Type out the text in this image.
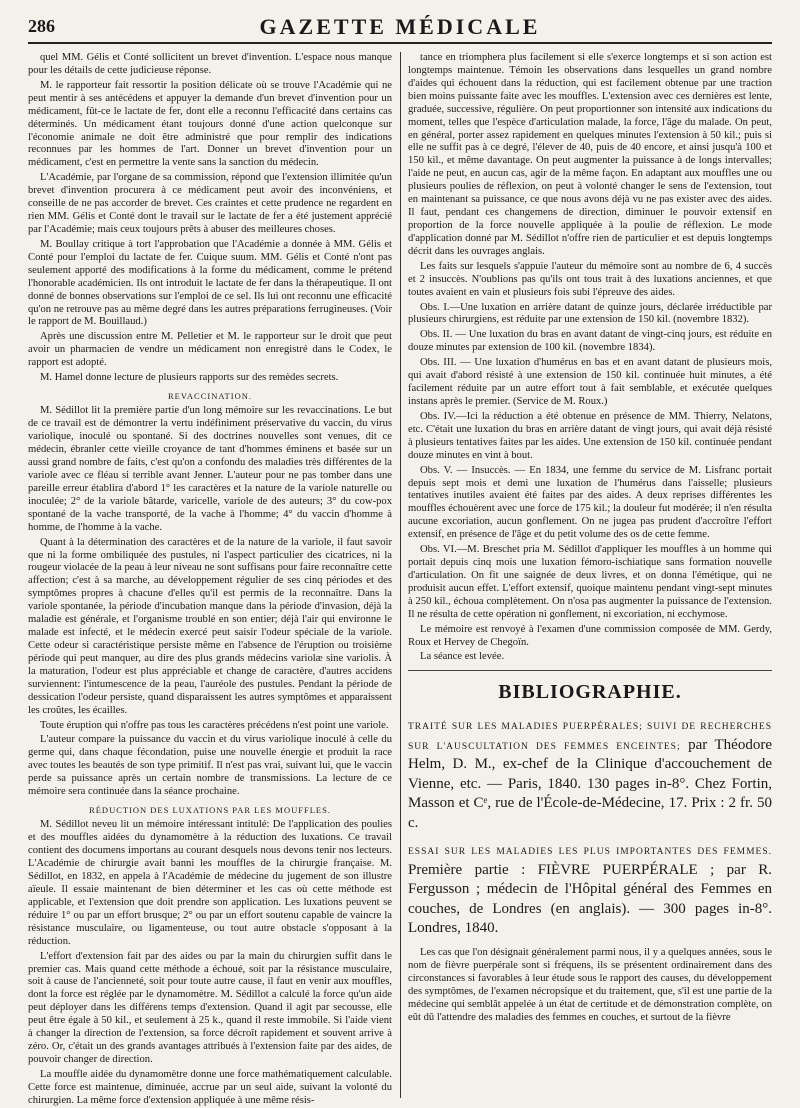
286	GAZETTE MÉDICALE

quel MM. Gélis et Conté sollicitent un brevet d'invention. L'espace nous manque pour les détails de cette judicieuse réponse.

M. le rapporteur fait ressortir la position délicate où se trouve l'Académie qui ne peut mentir à ses antécédens et appuyer la demande d'un brevet d'invention pour un médicament, fût-ce le lactate de fer, dont elle a reconnu l'efficacité dans certains cas déterminés. Un médicament étant toujours donné d'une action quelconque sur l'économie animale ne doit être administré que pour remplir des indications reconnues par les hommes de l'art. Donner un brevet d'invention pour un médicament, c'est en permettre la vente sans la sanction du médecin.

L'Académie, par l'organe de sa commission, répond que l'extension illimitée qu'un brevet d'invention procurera à ce médicament peut avoir des inconvéniens, et conseille de ne pas accorder de brevet. Ces craintes et cette prudence ne regardent en rien MM. Gélis et Conté dont le travail sur le lactate de fer a été justement apprécié par l'Académie; mais ceux toujours prêts à abuser des meilleures choses.

M. Boullay critique à tort l'approbation que l'Académie a donnée à MM. Gélis et Conté pour l'emploi du lactate de fer. Cuique suum. MM. Gélis et Conté n'ont pas seulement apporté des modifications à la forme du médicament, comme le prétend l'honorable académicien. Ils ont introduit le lactate de fer dans la thérapeutique. Il ont donné de bonnes observations sur l'emploi de ce sel. Ils lui ont reconnu une efficacité qu'on ne retrouve pas au même degré dans les autres préparations ferrugineuses. (Voir le rapport de M. Bouillaud.)

Après une discussion entre M. Pelletier et M. le rapporteur sur le droit que peut avoir un pharmacien de vendre un médicament non enregistré dans le Codex, le rapport est adopté.

M. Hamel donne lecture de plusieurs rapports sur des remèdes secrets.

REVACCINATION.

M. Sédillot lit la première partie d'un long mémoire sur les revaccinations. Le but de ce travail est de démontrer la vertu indéfiniment préservative du vaccin, du virus variolique, inoculé ou spontané. Si des doctrines nouvelles sont venues, dit ce médecin, ébranler cette vieille croyance de tant d'hommes éminens et basée sur un aussi grand nombre de faits, c'est qu'on a confondu des maladies très différentes de la variole avec ce fléau si terrible avant Jenner. L'auteur pour ne pas tomber dans une pareille erreur établira d'abord 1° les caractères et la nature de la variole naturelle ou inoculée; 2° de la variole bâtarde, varicelle, variole de des auteurs; 3° du cow-pox spontané de la vache transporté, de la vache à l'homme; 4° du vaccin d'homme à homme, de l'homme à la vache.

Quant à la détermination des caractères et de la nature de la variole, il faut savoir que ni la forme ombiliquée des pustules, ni l'aspect particulier des cicatrices, ni la rougeur violacée de la peau à leur niveau ne sont suffisans pour faire reconnaître cette affection; c'est à sa marche, au développement régulier de ses cinq périodes et des symptômes propres à chacune d'elles qu'il est permis de la reconnaître. Dans la variole spontanée, la période d'incubation manque dans la période d'invasion, déjà la maladie est générale, et l'organisme troublé en son entier; déjà l'air qui environne le malade est infecté, et le médecin exercé peut saisir l'odeur spéciale de la variole. Cette odeur si caractéristique persiste même en l'absence de l'éruption ou troisième période qui peut manquer, au dire des plus grands médecins variolæ sine variolis. À la maturation, l'odeur est plus appréciable et change de caractère, d'autres accidens surviennent: l'intumescence de la peau, l'auréole des pustules. Pendant la période de dessication l'odeur persiste, quand disparaissent les autres symptômes et apparaissent les croûtes, les écailles.

Toute éruption qui n'offre pas tous les caractères précédens n'est point une variole.

L'auteur compare la puissance du vaccin et du virus variolique inoculé à celle du germe qui, dans chaque fécondation, puise une nouvelle énergie et produit la race avec toutes les beautés de son type primitif. Il n'est pas vrai, suivant lui, que le vaccin perde sa puissance après un certain nombre de transmissions. La lecture de ce mémoire sera continuée dans la séance prochaine.

RÉDUCTION DES LUXATIONS PAR LES MOUFFLES.

M. Sédillot neveu lit un mémoire intéressant intitulé: De l'application des poulies et des mouffles aidées du dynamomètre à la réduction des luxations. Ce travail contient des documens importans au courant desquels nous devons tenir nos lecteurs. L'Académie de chirurgie avait banni les mouffles de la chirurgie française. M. Sédillot, en 1832, en appela à l'Académie de médecine du jugement de son illustre aïeule. Il essaie maintenant de bien déterminer et les cas où cette méthode est applicable, et l'extension que doit prendre son application. Les luxations peuvent se réduire 1° ou par un effort brusque; 2° ou par un effort soutenu capable de vaincre la résistance musculaire, ou ligamenteuse, ou tout autre obstacle s'opposant à la réduction.

L'effort d'extension fait par des aides ou par la main du chirurgien suffit dans le premier cas. Mais quand cette méthode a échoué, soit par la résistance musculaire, soit à cause de l'ancienneté, soit pour toute autre cause, il faut en venir aux mouffles, dont la force est réglée par le dynamomètre. M. Sédillot a calculé la force qu'un aide peut déployer dans les différens temps d'extension. Quand il agit par secousse, elle peut être égale à 50 kil., et seulement à 25 k., quand il reste immobile. Si l'aide vient à changer la direction de l'extension, sa force décroît rapidement et souvent arrive à zéro. Or, c'était un des grands avantages attribués à l'extension faite par des aides, de pouvoir changer de direction.

La mouffle aidée du dynamomètre donne une force mathématiquement calculable. Cette force est maintenue, diminuée, accrue par un seul aide, suivant la volonté du chirurgien. La même force d'extension appliquée à une même résis-

tance en triomphera plus facilement si elle s'exerce longtemps et si son action est longtemps maintenue. Témoin les observations dans lesquelles un grand nombre d'aides qui échouent dans la réduction, qui est facilement obtenue par une traction bien moins puissante faite avec les mouffles. L'extension avec ces dernières est lente, graduée, successive, régulière. On peut proportionner son intensité aux indications du moment, telles que l'espèce d'articulation malade, la force, l'âge du malade. On peut, en général, porter assez rapidement en quelques minutes l'extension à 50 kil.; puis si elle ne suffit pas à ce degré, l'élever de 40, puis de 40 encore, et ainsi jusqu'à 100 et 150 kil., et même davantage. On peut augmenter la puissance à de longs intervalles; l'aide ne peut, en aucun cas, agir de la même façon. En adaptant aux mouffles une ou plusieurs poulies de réflexion, on peut à volonté changer le sens de l'extension, tout en maintenant sa puissance, ce que nous avons déjà vu ne pas exister avec des aides. Il faut, pendant ces changemens de direction, diminuer le pouvoir extensif en proportion de la force nouvelle appliquée à la poulie de réflexion. Le mode d'application donné par M. Sédillot n'offre rien de particulier et est depuis longtemps décrit dans les ouvrages anglais.

Les faits sur lesquels s'appuie l'auteur du mémoire sont au nombre de 6, 4 succès et 2 insuccès. N'oublions pas qu'ils ont tous trait à des luxations anciennes, et que toutes avaient en vain et plusieurs fois subi l'épreuve des aides.

Obs. I.—Une luxation en arrière datant de quinze jours, déclarée irréductible par plusieurs chirurgiens, est réduite par une extension de 150 kil. (novembre 1832).

Obs. II. — Une luxation du bras en avant datant de vingt-cinq jours, est réduite en douze minutes par extension de 100 kil. (novembre 1834).

Obs. III. — Une luxation d'humérus en bas et en avant datant de plusieurs mois, qui avait d'abord résisté à une extension de 150 kil. continuée huit minutes, a été facilement réduite par un autre effort tout à fait semblable, et exécutée quelques instans après le premier. (Service de M. Roux.)

Obs. IV.—Ici la réduction a été obtenue en présence de MM. Thierry, Nelatons, etc. C'était une luxation du bras en arrière datant de vingt jours, qui avait déjà résisté à plusieurs tentatives faites par les aides. Une extension de 150 kil. continuée pendant douze minutes en vint à bout.

Obs. V. — Insuccès. — En 1834, une femme du service de M. Lisfranc portait depuis sept mois et demi une luxation de l'humérus dans l'aisselle; plusieurs tentatives inutiles avaient été faites par des aides. A deux reprises différentes les mouffles échouèrent avec une force de 175 kil.; la douleur fut modérée; il n'en résulta aucune excoriation, aucun gonflement. On ne jugea pas prudent d'accroître l'effort extensif, en présence de l'âge et du petit volume des os de cette femme.

Obs. VI.—M. Breschet pria M. Sédillot d'appliquer les mouffles à un homme qui portait depuis cinq mois une luxation fémoro-ischiatique sans formation nouvelle d'articulation. On fit une saignée de deux livres, et on donna l'émétique, qui ne produisit aucun effet. L'effort extensif, quoique maintenu pendant vingt-sept minutes à 250 kil., échoua complètement. On n'osa pas augmenter la puissance de l'extension. Il ne résulta de cette opération ni gonflement, ni excoriation, ni ecchymose.

Le mémoire est renvoyé à l'examen d'une commission composée de MM. Gerdy, Roux et Hervey de Chegoïn.

La séance est levée.

BIBLIOGRAPHIE.

TRAITÉ SUR LES MALADIES PUERPÉRALES; SUIVI DE RECHERCHES SUR L'AUSCULTATION DES FEMMES ENCEINTES; par Théodore Helm, D. M., ex-chef de la Clinique d'accouchement de Vienne, etc. — Paris, 1840. 130 pages in-8°. Chez Fortin, Masson et Cᵉ, rue de l'École-de-Médecine, 17. Prix : 2 fr. 50 c.

ESSAI SUR LES MALADIES LES PLUS IMPORTANTES DES FEMMES. Première partie : FIÈVRE PUERPÉRALE ; par R. Fergusson ; médecin de l'Hôpital général des Femmes en couches, de Londres (en anglais). — 300 pages in-8°. Londres, 1840.

Les cas que l'on désignait généralement parmi nous, il y a quelques années, sous le nom de fièvre puerpérale sont si fréquens, ils se présentent ordinairement dans des circonstances si favorables à leur étude sous le rapport des causes, du développement des symptômes, de l'examen nécropsique et du traitement, que, s'il est une partie de la médecine qui semblât appelée à un état de certitude et de démonstration complète, on eût dû l'attendre des maladies des femmes en couches, et surtout de la fièvre
